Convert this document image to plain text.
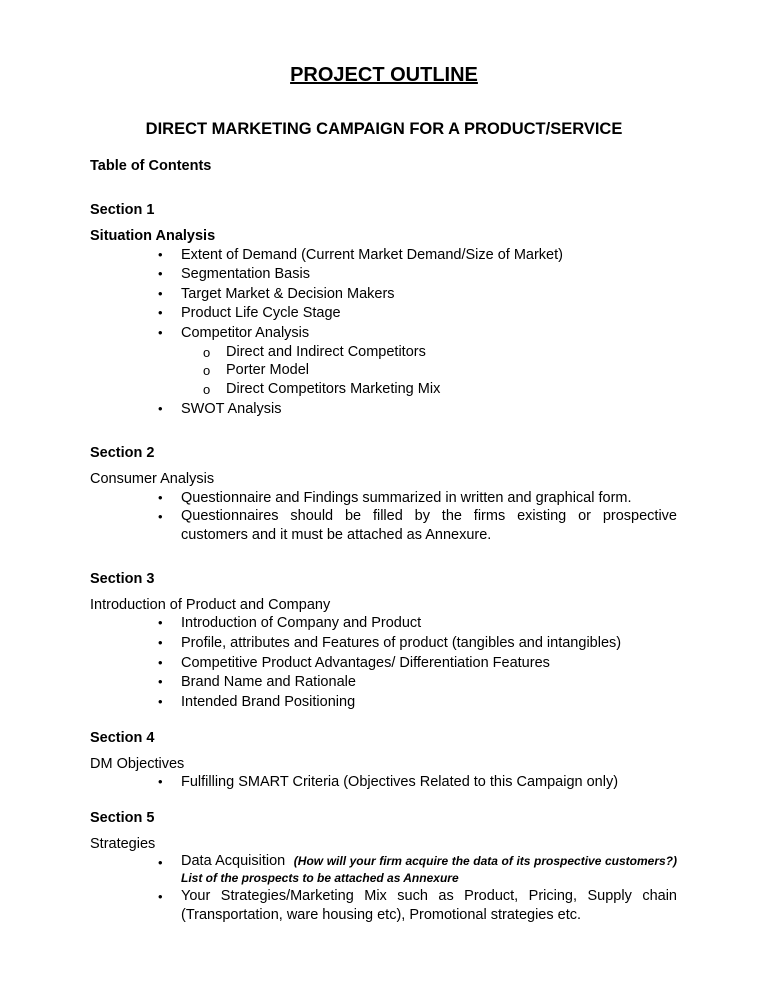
PROJECT OUTLINE
DIRECT MARKETING CAMPAIGN FOR A PRODUCT/SERVICE
Table of Contents
Section 1
Situation Analysis
• Extent of Demand (Current Market Demand/Size of Market)
• Segmentation Basis
• Target Market & Decision Makers
• Product Life Cycle Stage
• Competitor Analysis
o Direct and Indirect Competitors
o Porter Model
o Direct Competitors Marketing Mix
• SWOT Analysis
Section 2
Consumer Analysis
• Questionnaire and Findings summarized in written and graphical form.
• Questionnaires should be filled by the firms existing or prospective customers and it must be attached as Annexure.
Section 3
Introduction of Product and Company
• Introduction of Company and Product
• Profile, attributes and Features of product (tangibles and intangibles)
• Competitive Product Advantages/ Differentiation Features
• Brand Name and Rationale
• Intended Brand Positioning
Section 4
DM Objectives
• Fulfilling SMART Criteria (Objectives Related to this Campaign only)
Section 5
Strategies
• Data Acquisition (How will your firm acquire the data of its prospective customers?) List of the prospects to be attached as Annexure
• Your Strategies/Marketing Mix such as Product, Pricing, Supply chain (Transportation, ware housing etc), Promotional strategies etc.
